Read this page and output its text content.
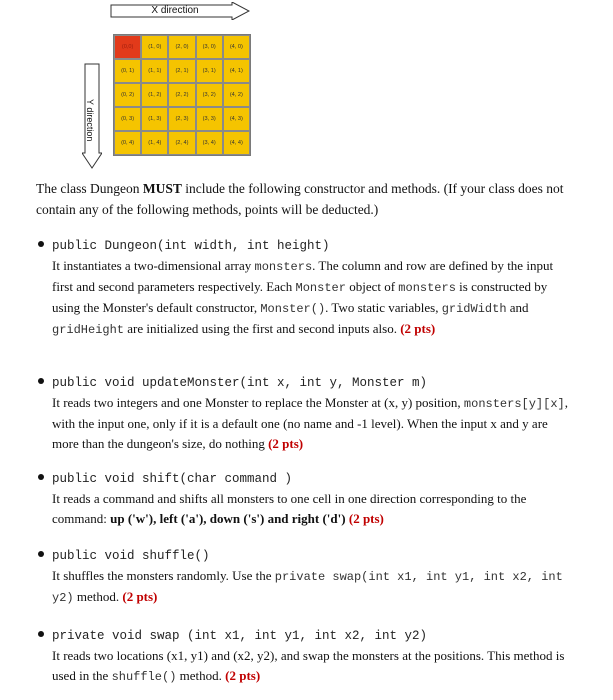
X direction
Y direction
(0,0)	(1, 0)	(2, 0)	(3, 0)	(4, 0)
(0, 1)	(1, 1)	(2, 1)	(3, 1)	(4, 1)
(0, 2)	(1, 2)	(2, 2)	(3, 2)	(4, 2)
(0, 3)	(1, 3)	(2, 3)	(3, 3)	(4, 3)
(0, 4)	(1, 4)	(2, 4)	(3, 4)	(4, 4)

The class Dungeon MUST include the following constructor and methods. (If your class does not contain any of the following methods, points will be deducted.)

public Dungeon(int width, int height)
It instantiates a two-dimensional array monsters. The column and row are defined by the input first and second parameters respectively. Each Monster object of monsters is constructed by using the Monster's default constructor, Monster(). Two static variables, gridWidth and gridHeight are initialized using the first and second inputs also. (2 pts)
public void updateMonster(int x, int y, Monster m)
It reads two integers and one Monster to replace the Monster at (x, y) position, monsters[y][x], with the input one, only if it is a default one (no name and -1 level). When the input x and y are more than the dungeon's size, do nothing (2 pts)
public void shift(char command )
It reads a command and shifts all monsters to one cell in one direction corresponding to the command: up ('w'), left ('a'), down ('s') and right ('d') (2 pts)
public void shuffle()
It shuffles the monsters randomly. Use the private swap(int x1, int y1, int x2, int y2) method. (2 pts)
private void swap (int x1, int y1, int x2, int y2)
It reads two locations (x1, y1) and (x2, y2), and swap the monsters at the positions. This method is used in the shuffle() method. (2 pts)
